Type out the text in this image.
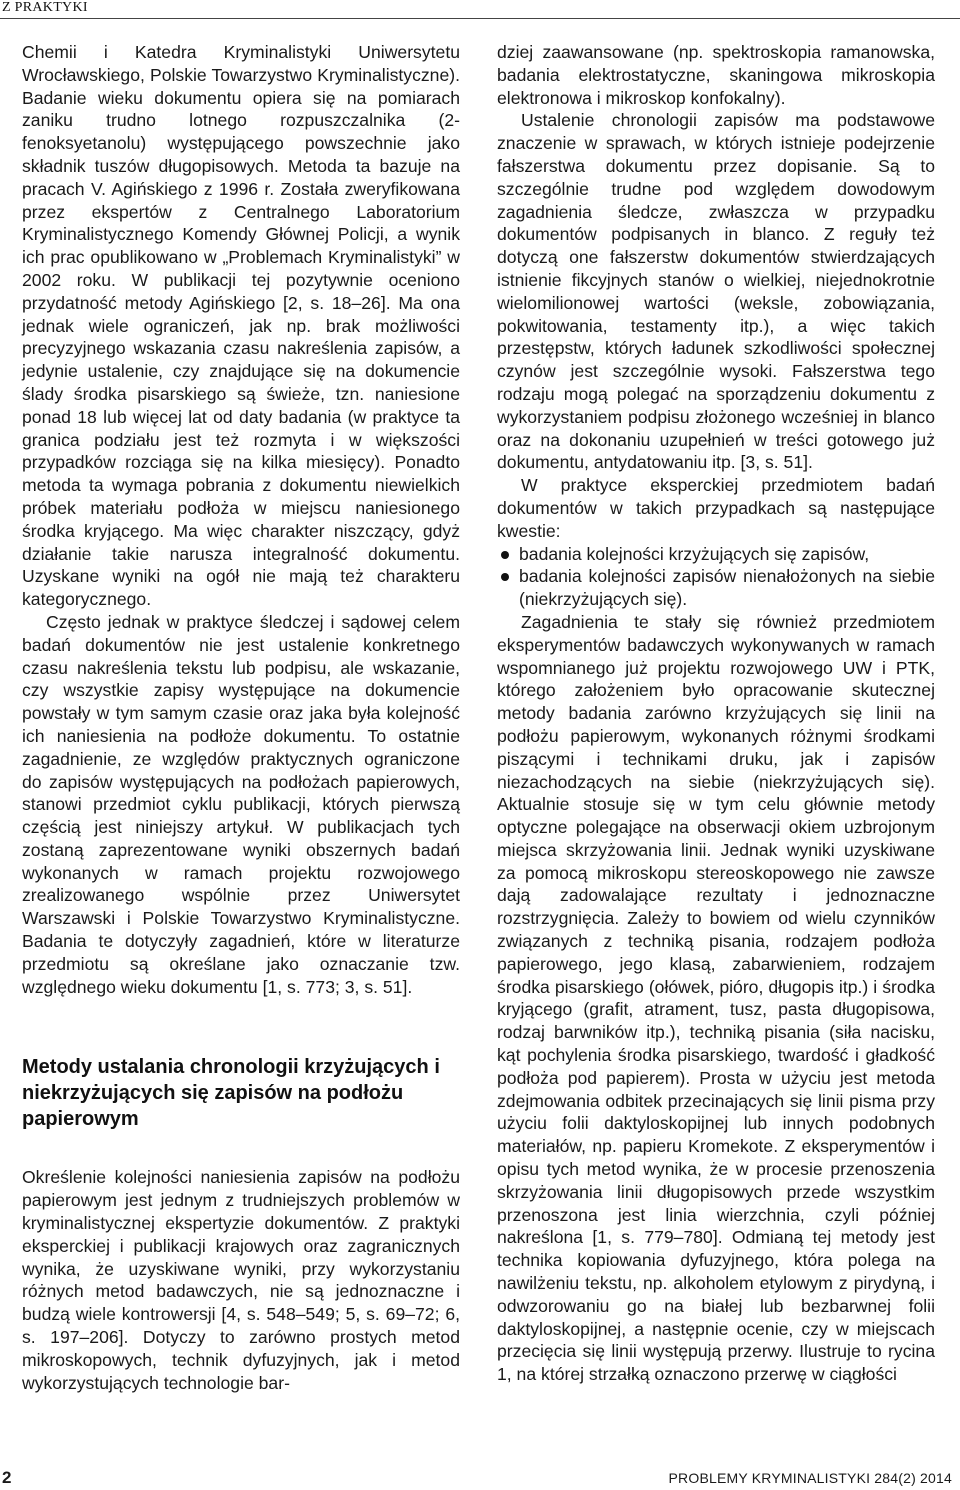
Z PRAKTYKI

Chemii i Katedra Kryminalistyki Uniwersytetu Wrocławskiego, Polskie Towarzystwo Kryminalistyczne). Badanie wieku dokumentu opiera się na pomiarach zaniku trudno lotnego rozpuszczalnika (2-fenoksyetanolu) występującego powszechnie jako składnik tuszów długopisowych. Metoda ta bazuje na pracach V. Agińskiego z 1996 r. Została zweryfikowana przez ekspertów z Centralnego Laboratorium Kryminalistycznego Komendy Głównej Policji, a wynik ich prac opublikowano w „Problemach Kryminalistyki” w 2002 roku. W publikacji tej pozytywnie oceniono przydatność metody Agińskiego [2, s. 18–26]. Ma ona jednak wiele ograniczeń, jak np. brak możliwości precyzyjnego wskazania czasu nakreślenia zapisów, a jedynie ustalenie, czy znajdujące się na dokumencie ślady środka pisarskiego są świeże, tzn. naniesione ponad 18 lub więcej lat od daty badania (w praktyce ta granica podziału jest też rozmyta i w większości przypadków rozciąga się na kilka miesięcy). Ponadto metoda ta wymaga pobrania z dokumentu niewielkich próbek materiału podłoża w miejscu naniesionego środka kryjącego. Ma więc charakter niszczący, gdyż działanie takie narusza integralność dokumentu. Uzyskane wyniki na ogół nie mają też charakteru kategorycznego.

Często jednak w praktyce śledczej i sądowej celem badań dokumentów nie jest ustalenie konkretnego czasu nakreślenia tekstu lub podpisu, ale wskazanie, czy wszystkie zapisy występujące na dokumencie powstały w tym samym czasie oraz jaka była kolejność ich naniesienia na podłoże dokumentu. To ostatnie zagadnienie, ze względów praktycznych ograniczone do zapisów występujących na podłożach papierowych, stanowi przedmiot cyklu publikacji, których pierwszą częścią jest niniejszy artykuł. W publikacjach tych zostaną zaprezentowane wyniki obszernych badań wykonanych w ramach projektu rozwojowego zrealizowanego wspólnie przez Uniwersytet Warszawski i Polskie Towarzystwo Kryminalistyczne. Badania te dotyczyły zagadnień, które w literaturze przedmiotu są określane jako oznaczanie tzw. względnego wieku dokumentu [1, s. 773; 3, s. 51].

Metody ustalania chronologii krzyżujących i niekrzyżujących się zapisów na podłożu papierowym

Określenie kolejności naniesienia zapisów na podłożu papierowym jest jednym z trudniejszych problemów w kryminalistycznej ekspertyzie dokumentów. Z praktyki eksperckiej i publikacji krajowych oraz zagranicznych wynika, że uzyskiwane wyniki, przy wykorzystaniu różnych metod badawczych, nie są jednoznaczne i budzą wiele kontrowersji [4, s. 548–549; 5, s. 69–72; 6, s. 197–206]. Dotyczy to zarówno prostych metod mikroskopowych, technik dyfuzyjnych, jak i metod wykorzystujących technologie bar-

dziej zaawansowane (np. spektroskopia ramanowska, badania elektrostatyczne, skaningowa mikroskopia elektronowa i mikroskop konfokalny).

Ustalenie chronologii zapisów ma podstawowe znaczenie w sprawach, w których istnieje podejrzenie fałszerstwa dokumentu przez dopisanie. Są to szczególnie trudne pod względem dowodowym zagadnienia śledcze, zwłaszcza w przypadku dokumentów podpisanych in blanco. Z reguły też dotyczą one fałszerstw dokumentów stwierdzających istnienie fikcyjnych stanów o wielkiej, niejednokrotnie wielomilionowej wartości (weksle, zobowiązania, pokwitowania, testamenty itp.), a więc takich przestępstw, których ładunek szkodliwości społecznej czynów jest szczególnie wysoki. Fałszerstwa tego rodzaju mogą polegać na sporządzeniu dokumentu z wykorzystaniem podpisu złożonego wcześniej in blanco oraz na dokonaniu uzupełnień w treści gotowego już dokumentu, antydatowaniu itp. [3, s. 51].

W praktyce eksperckiej przedmiotem badań dokumentów w takich przypadkach są następujące kwestie:

badania kolejności krzyżujących się zapisów,
badania kolejności zapisów nienałożonych na siebie (niekrzyżujących się).

Zagadnienia te stały się również przedmiotem eksperymentów badawczych wykonywanych w ramach wspomnianego już projektu rozwojowego UW i PTK, którego założeniem było opracowanie skutecznej metody badania zarówno krzyżujących się linii na podłożu papierowym, wykonanych różnymi środkami piszącymi i technikami druku, jak i zapisów niezachodzących na siebie (niekrzyżujących się). Aktualnie stosuje się w tym celu głównie metody optyczne polegające na obserwacji okiem uzbrojonym miejsca skrzyżowania linii. Jednak wyniki uzyskiwane za pomocą mikroskopu stereoskopowego nie zawsze dają zadowalające rezultaty i jednoznaczne rozstrzygnięcia. Zależy to bowiem od wielu czynników związanych z techniką pisania, rodzajem podłoża papierowego, jego klasą, zabarwieniem, rodzajem środka pisarskiego (ołówek, pióro, długopis itp.) i środka kryjącego (grafit, atrament, tusz, pasta długopisowa, rodzaj barwników itp.), techniką pisania (siła nacisku, kąt pochylenia środka pisarskiego, twardość i gładkość podłoża pod papierem). Prosta w użyciu jest metoda zdejmowania odbitek przecinających się linii pisma przy użyciu folii daktyloskopijnej lub innych podobnych materiałów, np. papieru Kromekote. Z eksperymentów i opisu tych metod wynika, że w procesie przenoszenia skrzyżowania linii długopisowych przede wszystkim przenoszona jest linia wierzchnia, czyli później nakreślona [1, s. 779–780]. Odmianą tej metody jest technika kopiowania dyfuzyjnego, która polega na nawilżeniu tekstu, np. alkoholem etylowym z pirydyną, i odwzorowaniu go na białej lub bezbarwnej folii daktyloskopijnej, a następnie ocenie, czy w miejscach przecięcia się linii występują przerwy. Ilustruje to rycina 1, na której strzałką oznaczono przerwę w ciągłości

2	PROBLEMY KRYMINALISTYKI 284(2) 2014
